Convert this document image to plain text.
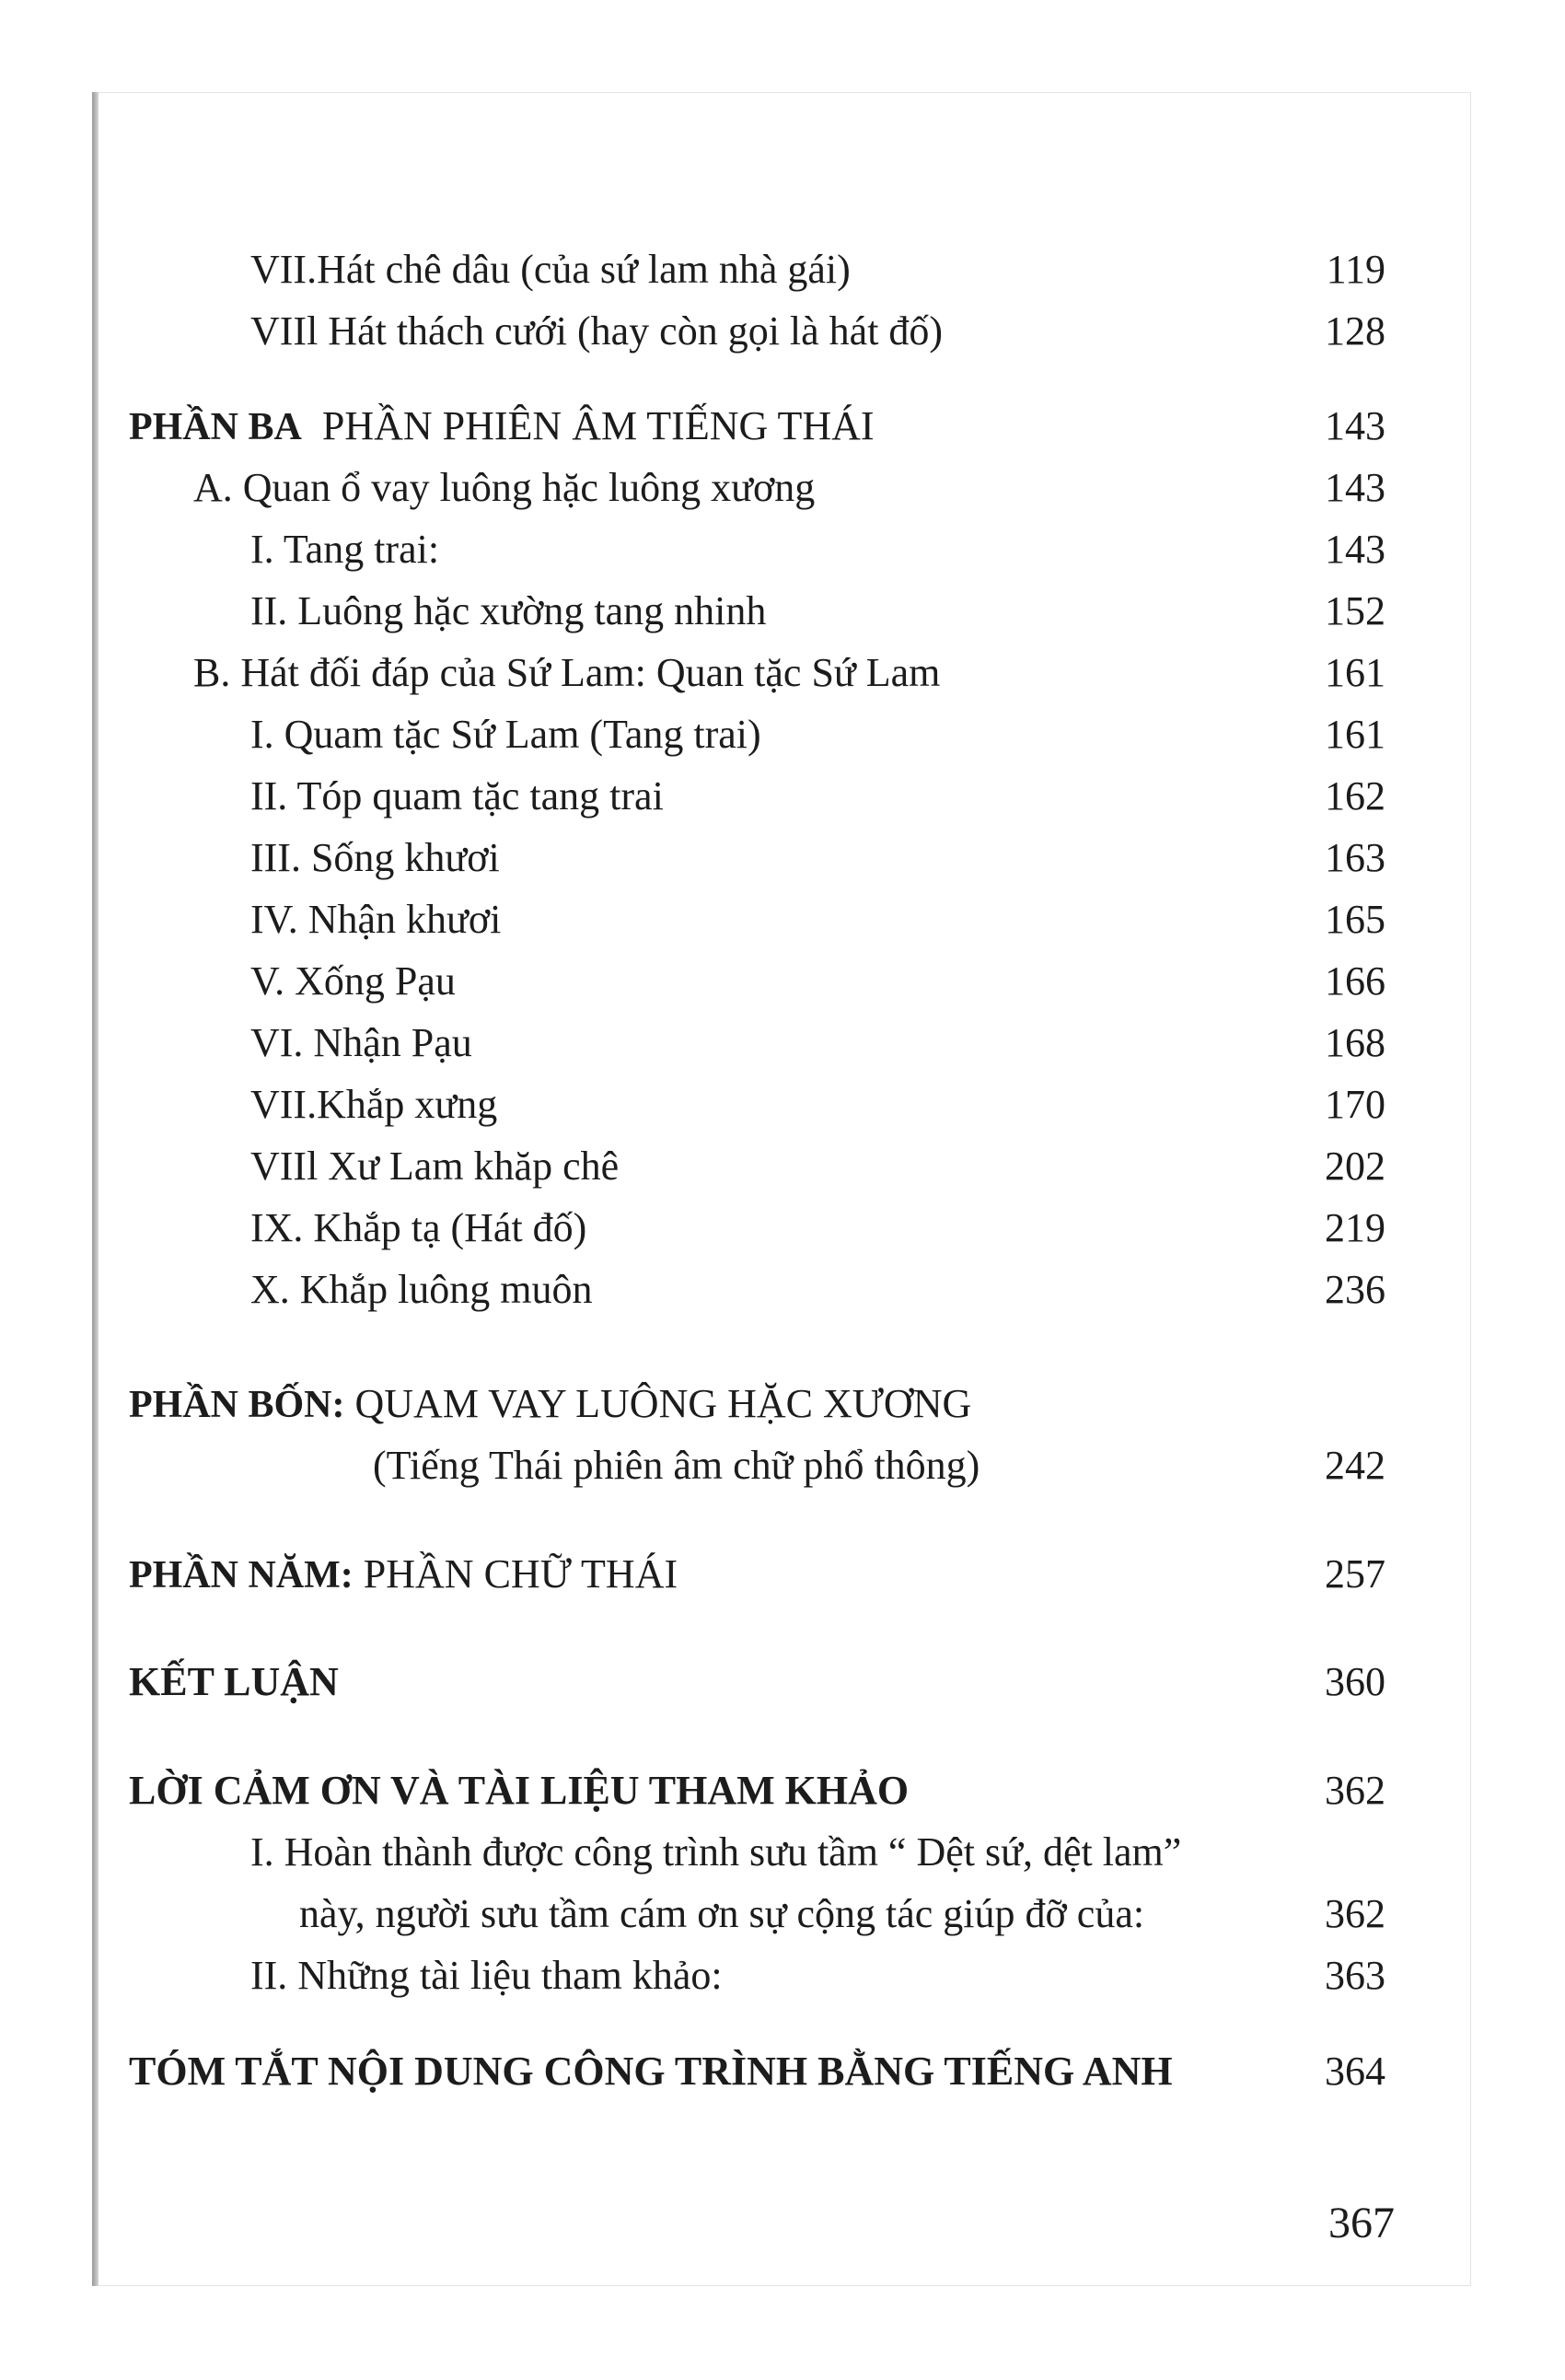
VII.Hát chê dâu (của sứ lam nhà gái)	119
VIIl Hát thách cưới (hay còn gọi là hát đố)	128
PHẦN BA PHẦN PHIÊN ÂM TIẾNG THÁI	143
A. Quan ổ vay luông hặc luông xương	143
I. Tang trai:	143
II. Luông hặc xường tang nhinh	152
B. Hát đối đáp của Sứ Lam: Quan tặc Sứ Lam	161
I. Quam tặc Sứ Lam (Tang trai)	161
II. Tóp quam tặc tang trai	162
III. Sống khươi	163
IV. Nhận khươi	165
V. Xống Pạu	166
VI. Nhận Pạu	168
VII.Khắp xưng	170
VIIl Xư Lam khăp chê	202
IX. Khắp tạ (Hát đố)	219
X. Khắp luông muôn	236
PHẦN BỐN: QUAM VAY LUÔNG HẶC XƯƠNG
(Tiếng Thái phiên âm chữ phổ thông)	242
PHẦN NĂM: PHẦN CHỮ THÁI	257
KẾT LUẬN	360
LỜI CẢM ƠN VÀ TÀI LIỆU THAM KHẢO	362
I. Hoàn thành được công trình sưu tầm “ Dệt sứ, dệt lam”
này, người sưu tầm cám ơn sự cộng tác giúp đỡ của:	362
II. Những tài liệu tham khảo:	363
TÓM TẮT NỘI DUNG CÔNG TRÌNH BẰNG TIẾNG ANH	364
367
